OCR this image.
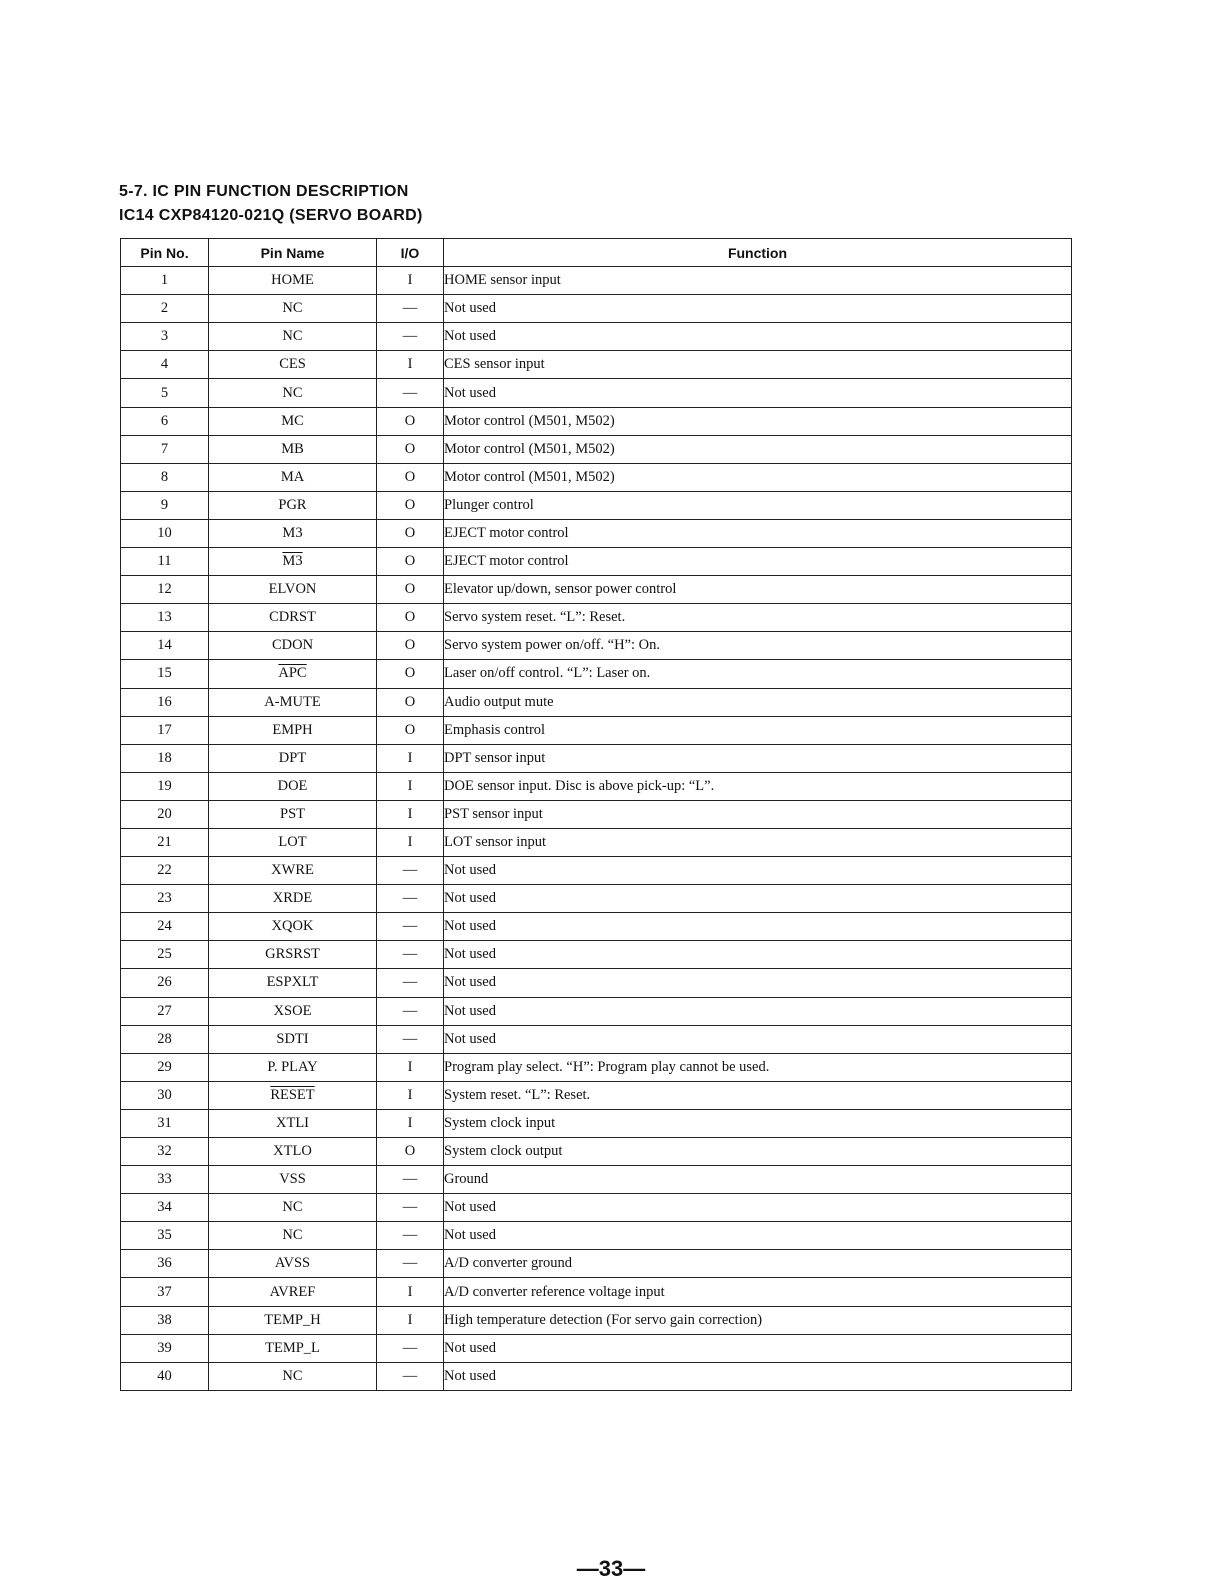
5-7. IC PIN FUNCTION DESCRIPTION
IC14 CXP84120-021Q (SERVO BOARD)
Pin No.	Pin Name	I/O	Function
1	HOME	I	HOME sensor input
2	NC	—	Not used
3	NC	—	Not used
4	CES	I	CES sensor input
5	NC	—	Not used
6	MC	O	Motor control (M501, M502)
7	MB	O	Motor control (M501, M502)
8	MA	O	Motor control (M501, M502)
9	PGR	O	Plunger control
10	M3	O	EJECT motor control
11	M3	O	EJECT motor control
12	ELVON	O	Elevator up/down, sensor power control
13	CDRST	O	Servo system reset. “L”: Reset.
14	CDON	O	Servo system power on/off. “H”: On.
15	$\overline{APC}$	O	Laser on/off control. “L”: Laser on.
16	A-MUTE	O	Audio output mute
17	EMPH	O	Emphasis control
18	DPT	I	DPT sensor input
19	DOE	I	DOE sensor input. Disc is above pick-up: “L”.
20	PST	I	PST sensor input
21	LOT	I	LOT sensor input
22	XWRE	—	Not used
23	XRDE	—	Not used
24	XQOK	—	Not used
25	GRSRST	—	Not used
26	ESPXLT	—	Not used
27	XSOE	—	Not used
28	SDTI	—	Not used
29	P. PLAY	I	Program play select. “H”: Program play cannot be used.
30	RESET	I	System reset. “L”: Reset.
31	XTLI	I	System clock input
32	XTLO	O	System clock output
33	VSS	—	Ground
34	NC	—	Not used
35	NC	—	Not used
36	AVSS	—	A/D converter ground
37	AVREF	I	A/D converter reference voltage input
38	TEMP_H	I	High temperature detection (For servo gain correction)
39	TEMP_L	—	Not used
40	NC	—	Not used
—33—
